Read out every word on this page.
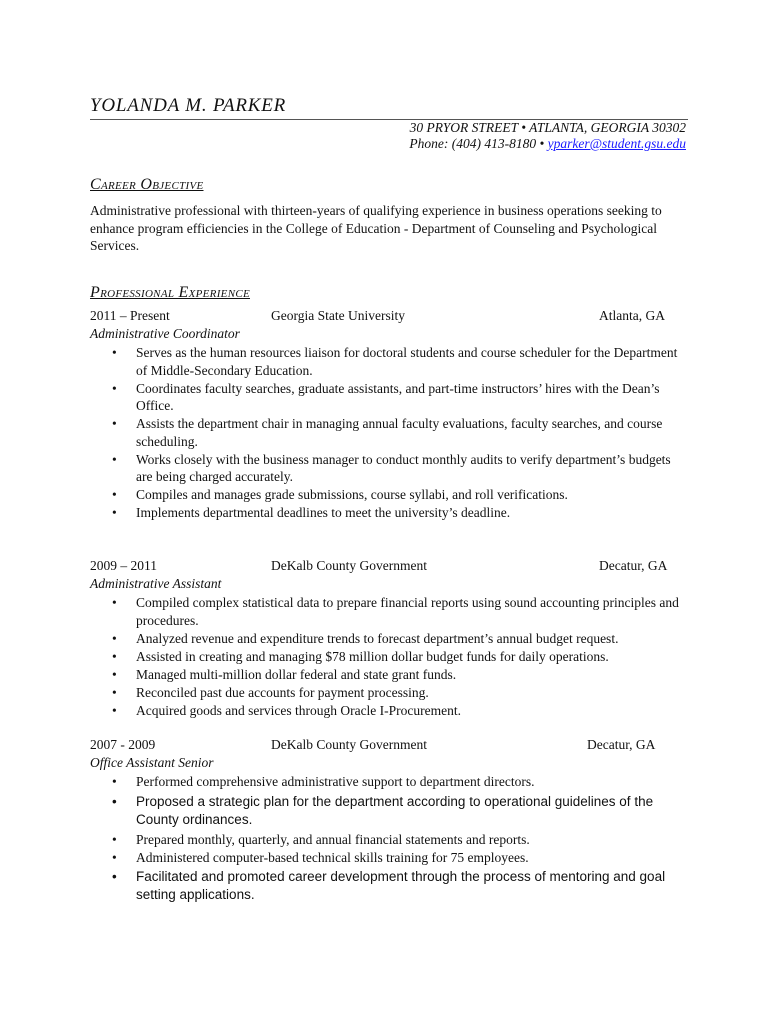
YOLANDA M. PARKER
30 PRYOR STREET • ATLANTA, GEORGIA 30302
Phone: (404) 413-8180 • yparker@student.gsu.edu
Career Objective
Administrative professional with thirteen-years of qualifying experience in business operations seeking to enhance program efficiencies in the College of Education - Department of Counseling and Psychological Services.
Professional Experience
2011 – Present	Georgia State University	Atlanta, GA
Administrative Coordinator
• Serves as the human resources liaison for doctoral students and course scheduler for the Department of Middle-Secondary Education.
• Coordinates faculty searches, graduate assistants, and part-time instructors’ hires with the Dean’s Office.
• Assists the department chair in managing annual faculty evaluations, faculty searches, and course scheduling.
• Works closely with the business manager to conduct monthly audits to verify department’s budgets are being charged accurately.
• Compiles and manages grade submissions, course syllabi, and roll verifications.
• Implements departmental deadlines to meet the university’s deadline.
2009 – 2011	DeKalb County Government	Decatur, GA
Administrative Assistant
• Compiled complex statistical data to prepare financial reports using sound accounting principles and procedures.
• Analyzed revenue and expenditure trends to forecast department’s annual budget request.
• Assisted in creating and managing $78 million dollar budget funds for daily operations.
• Managed multi-million dollar federal and state grant funds.
• Reconciled past due accounts for payment processing.
• Acquired goods and services through Oracle I-Procurement.
2007 - 2009	DeKalb County Government	Decatur, GA
Office Assistant Senior
• Performed comprehensive administrative support to department directors.
• Proposed a strategic plan for the department according to operational guidelines of the County ordinances.
• Prepared monthly, quarterly, and annual financial statements and reports.
• Administered computer-based technical skills training for 75 employees.
• Facilitated and promoted career development through the process of mentoring and goal setting applications.
